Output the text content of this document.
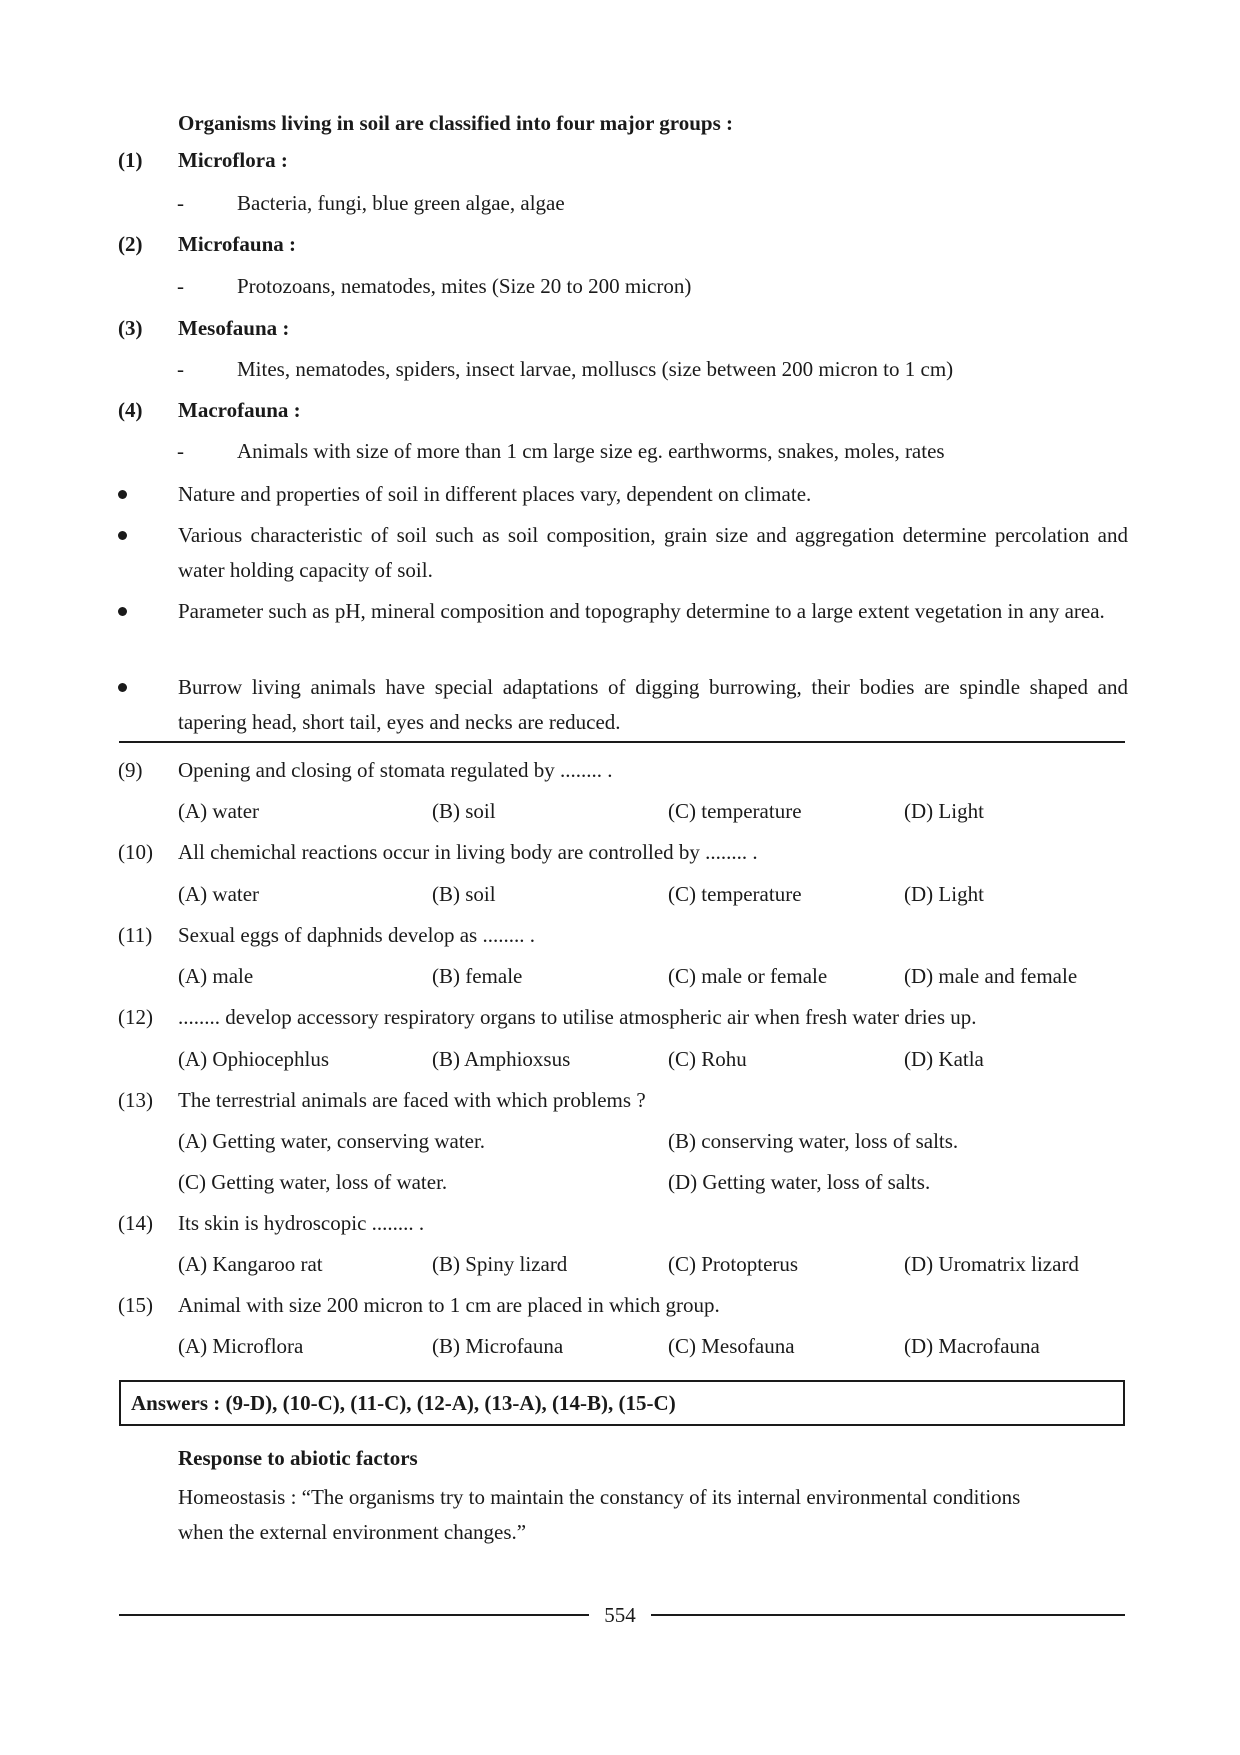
Organisms living in soil are classified into four major groups :
(1) Microflora :
-	Bacteria, fungi, blue green algae, algae
(2) Microfauna :
-	Protozoans, nematodes, mites (Size 20 to 200 micron)
(3) Mesofauna :
-	Mites, nematodes, spiders, insect larvae, molluscs (size between 200 micron to 1 cm)
(4) Macrofauna :
-	Animals with size of more than 1 cm large size eg. earthworms, snakes, moles, rates
Nature and properties of soil in different places vary, dependent on climate.
Various characteristic of soil such as soil composition, grain size and aggregation determine percolation and water holding capacity of soil.
Parameter such as pH, mineral composition and topography determine to a large extent vegetation in any area.
Burrow living animals have special adaptations of digging burrowing, their bodies are spindle shaped and tapering head, short tail, eyes and necks are reduced.
(9) Opening and closing of stomata regulated by ........ .
(A) water	(B) soil	(C) temperature	(D) Light
(10) All chemichal reactions occur in living body are controlled by ........ .
(A) water	(B) soil	(C) temperature	(D) Light
(11) Sexual eggs of daphnids develop as ........ .
(A) male	(B) female	(C) male or female	(D) male and female
(12) ........ develop accessory respiratory organs to utilise atmospheric air when fresh water dries up.
(A) Ophiocephlus	(B) Amphioxsus	(C) Rohu	(D) Katla
(13) The terrestrial animals are faced with which problems ?
(A) Getting water, conserving water.	(B) conserving water, loss of salts.
(C) Getting water, loss of water.	(D) Getting water, loss of salts.
(14) Its skin is hydroscopic ........ .
(A) Kangaroo rat	(B) Spiny lizard	(C) Protopterus	(D) Uromatrix lizard
(15) Animal with size 200 micron to 1 cm are placed in which group.
(A) Microflora	(B) Microfauna	(C) Mesofauna	(D) Macrofauna
Answers : (9-D), (10-C), (11-C), (12-A), (13-A), (14-B), (15-C)
Response to abiotic factors
Homeostasis : “The organisms try to maintain the constancy of its internal environmental conditions when the external environment changes.”
554
